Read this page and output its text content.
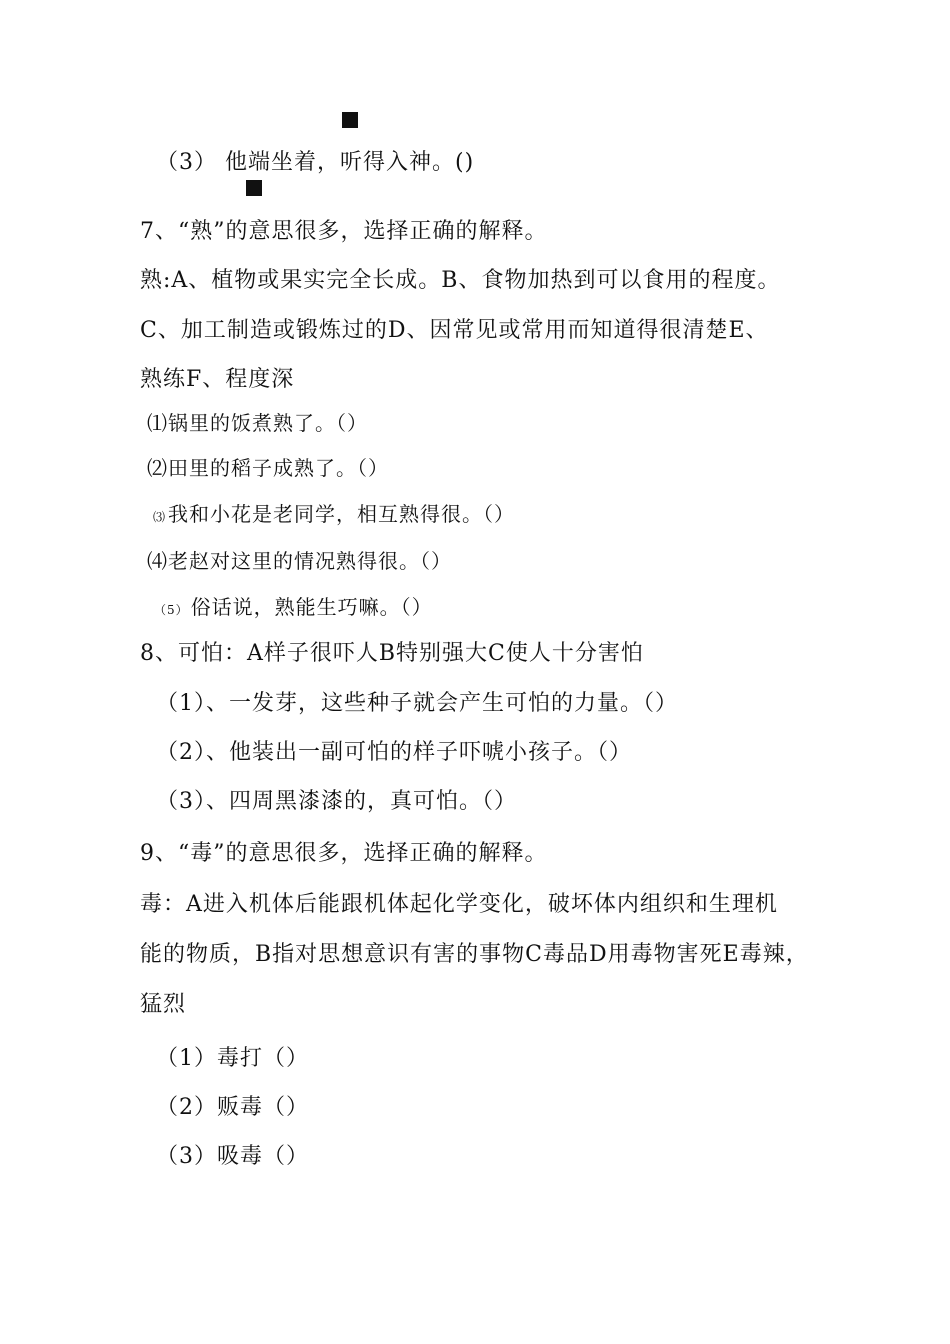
（3） 他端坐着，听得入神。()
7、“熟”的意思很多，选择正确的解释。
熟:A、植物或果实完全长成。B、食物加热到可以食用的程度。
C、加工制造或锻炼过的D、因常见或常用而知道得很清楚E、
熟练F、程度深
⑴锅里的饭煮熟了。（）
⑵田里的稻子成熟了。（）
⑶ 我和小花是老同学，相互熟得很。（）
⑷老赵对这里的情况熟得很。（）
（5） 俗话说，熟能生巧嘛。（）
8、可怕：A样子很吓人B特别强大C使人十分害怕
（1）、一发芽，这些种子就会产生可怕的力量。（）
（2）、他装出一副可怕的样子吓唬小孩子。（）
（3）、四周黑漆漆的，真可怕。（）
9、“毒”的意思很多，选择正确的解释。
毒：A进入机体后能跟机体起化学变化，破坏体内组织和生理机
能的物质，B指对思想意识有害的事物C毒品D用毒物害死E毒辣，
猛烈
（1）毒打（）
（2）贩毒（）
（3）吸毒（）
